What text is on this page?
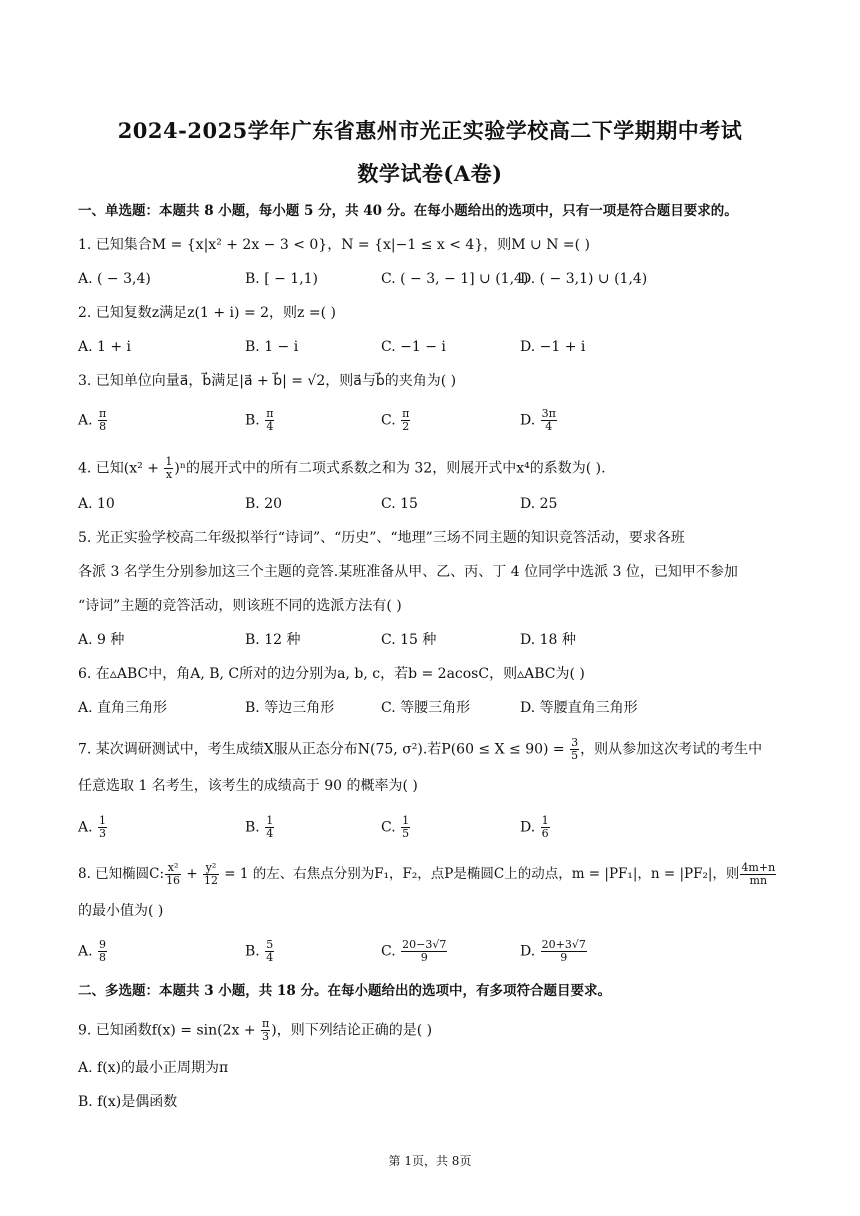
2024-2025学年广东省惠州市光正实验学校高二下学期期中考试
数学试卷(A卷)
一、单选题：本题共 8 小题，每小题 5 分，共 40 分。在每小题给出的选项中，只有一项是符合题目要求的。
1. 已知集合M = {x|x² + 2x − 3 < 0}，N = {x|−1 ≤ x < 4}，则M ∪ N =( )
A. ( − 3,4)	B. [ − 1,1)	C. ( − 3, − 1] ∪ (1,4)
D. ( − 3,1) ∪ (1,4)
2. 已知复数z满足z(1 + i) = 2，则z =( )
A. 1 + i	B. 1 − i	C. −1 − i	D. −1 + i
3. 已知单位向量a⃗，b⃗满足|a⃗ + b⃗| = √2，则a⃗与b⃗的夹角为( )
A. $\frac{\pi}{8}$	B. $\frac{\pi}{4}$	C. $\frac{\pi}{2}$	D. $\frac{3\pi}{4}$
4. 已知$(x^2 + \frac{1}{x} )^n$的展开式中的所有二项式系数之和为 32，则展开式中x⁴的系数为( ).
A. 10	B. 20	C. 15	D. 25
5. 光正实验学校高二年级拟举行“诗词”、“历史”、“地理”三场不同主题的知识竞答活动，要求各班
各派 3 名学生分别参加这三个主题的竞答.某班准备从甲、乙、丙、丁 4 位同学中选派 3 位，已知甲不参加
“诗词”主题的竞答活动，则该班不同的选派方法有( )
A. 9 种	B. 12 种	C. 15 种	D. 18 种
6. 在▵ABC中，角A, B, C所对的边分别为a, b, c，若b = 2acosC，则▵ABC为( )
A. 直角三角形	B. 等边三角形	C. 等腰三角形	D. 等腰直角三角形
7. 某次调研测试中，考生成绩X服从正态分布N(75, σ²).若$P(60 \le X \le 90) = \frac{3}{5}$ ，则从参加这次考试的考生中
任意选取 1 名考生，该考生的成绩高于 90 的概率为( )
A. $\frac{1}{3}$	B. $\frac{1}{4}$	C. $\frac{1}{5}$	D. $\frac{1}{6}$
8. 已知椭圆C: $\frac{\text{x²}}{16} + \frac{\text{y²}}{12} = 1$ 的左、右焦点分别为F₁，F₂，点P是椭圆C上的动点，m = |PF₁|，n = |PF₂|，则 $\frac{4m+n}{mn}$
的最小值为( )
A. $\frac{9}{8}$	B. $\frac{5}{4}$	C. $\frac{20-3√7}{9}$	D. $\frac{20+3√7}{9}$
二、多选题：本题共 3 小题，共 18 分。在每小题给出的选项中，有多项符合题目要求。
9. 已知函数$f(x) = \sin(2x + \frac{\pi}{3}$ )，则下列结论正确的是( )
A. f(x)的最小正周期为π
B. f(x)是偶函数
第 1页，共 8页
